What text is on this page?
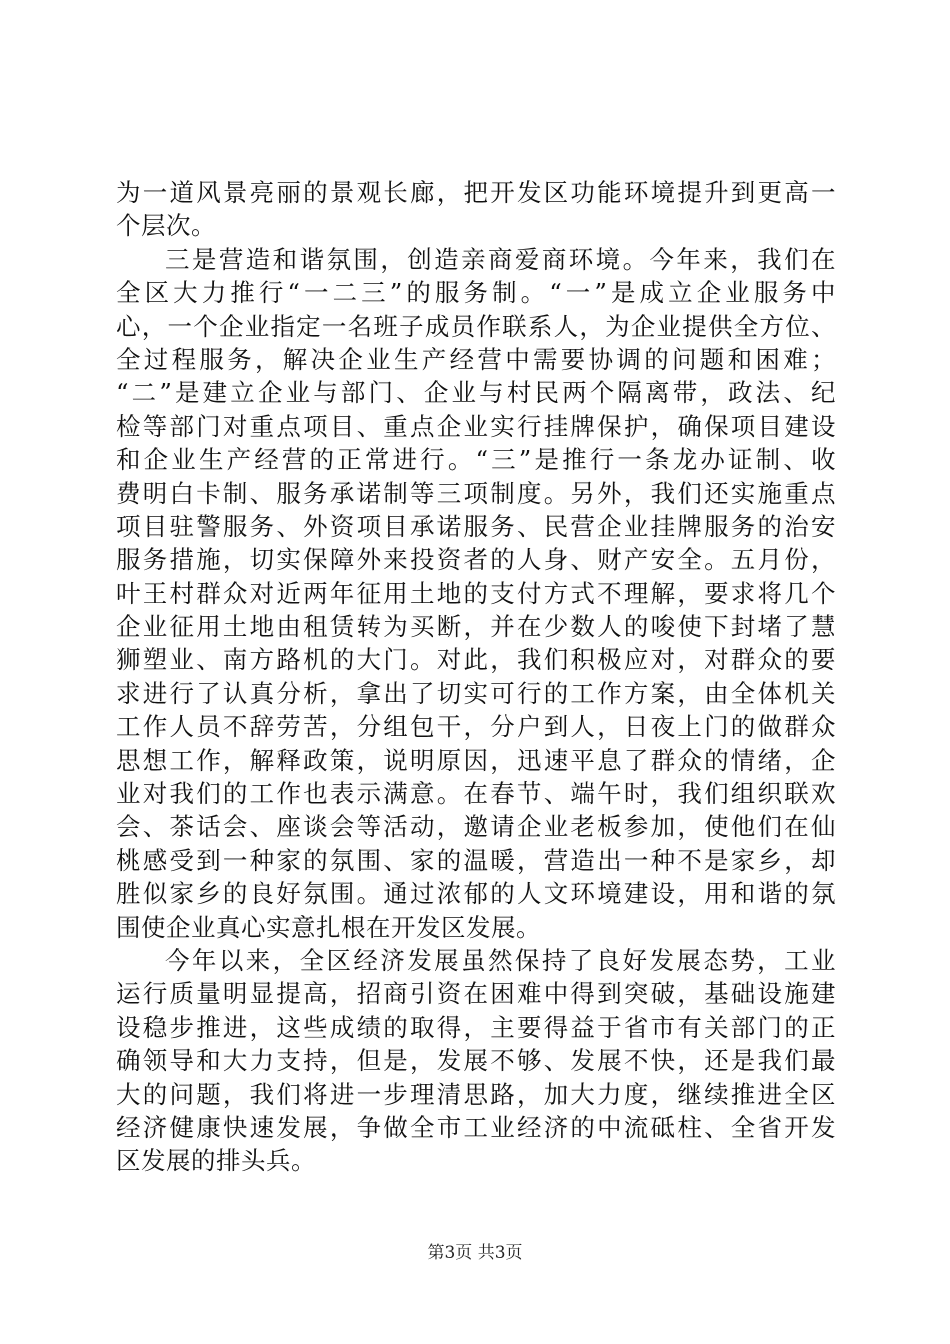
为一道风景亮丽的景观长廊，把开发区功能环境提升到更高一
个层次。
三是营造和谐氛围，创造亲商爱商环境。今年来，我们在
全区大力推行“一二三”的服务制。“一”是成立企业服务中
心，一个企业指定一名班子成员作联系人，为企业提供全方位、
全过程服务，解决企业生产经营中需要协调的问题和困难；
“二”是建立企业与部门、企业与村民两个隔离带，政法、纪
检等部门对重点项目、重点企业实行挂牌保护，确保项目建设
和企业生产经营的正常进行。“三”是推行一条龙办证制、收
费明白卡制、服务承诺制等三项制度。另外，我们还实施重点
项目驻警服务、外资项目承诺服务、民营企业挂牌服务的治安
服务措施，切实保障外来投资者的人身、财产安全。五月份，
叶王村群众对近两年征用土地的支付方式不理解，要求将几个
企业征用土地由租赁转为买断，并在少数人的唆使下封堵了慧
狮塑业、南方路机的大门。对此，我们积极应对，对群众的要
求进行了认真分析，拿出了切实可行的工作方案，由全体机关
工作人员不辞劳苦，分组包干，分户到人，日夜上门的做群众
思想工作，解释政策，说明原因，迅速平息了群众的情绪，企
业对我们的工作也表示满意。在春节、端午时，我们组织联欢
会、茶话会、座谈会等活动，邀请企业老板参加，使他们在仙
桃感受到一种家的氛围、家的温暖，营造出一种不是家乡，却
胜似家乡的良好氛围。通过浓郁的人文环境建设，用和谐的氛
围使企业真心实意扎根在开发区发展。
今年以来，全区经济发展虽然保持了良好发展态势，工业
运行质量明显提高，招商引资在困难中得到突破，基础设施建
设稳步推进，这些成绩的取得，主要得益于省市有关部门的正
确领导和大力支持，但是，发展不够、发展不快，还是我们最
大的问题，我们将进一步理清思路，加大力度，继续推进全区
经济健康快速发展，争做全市工业经济的中流砥柱、全省开发
区发展的排头兵。
第3页 共3页
